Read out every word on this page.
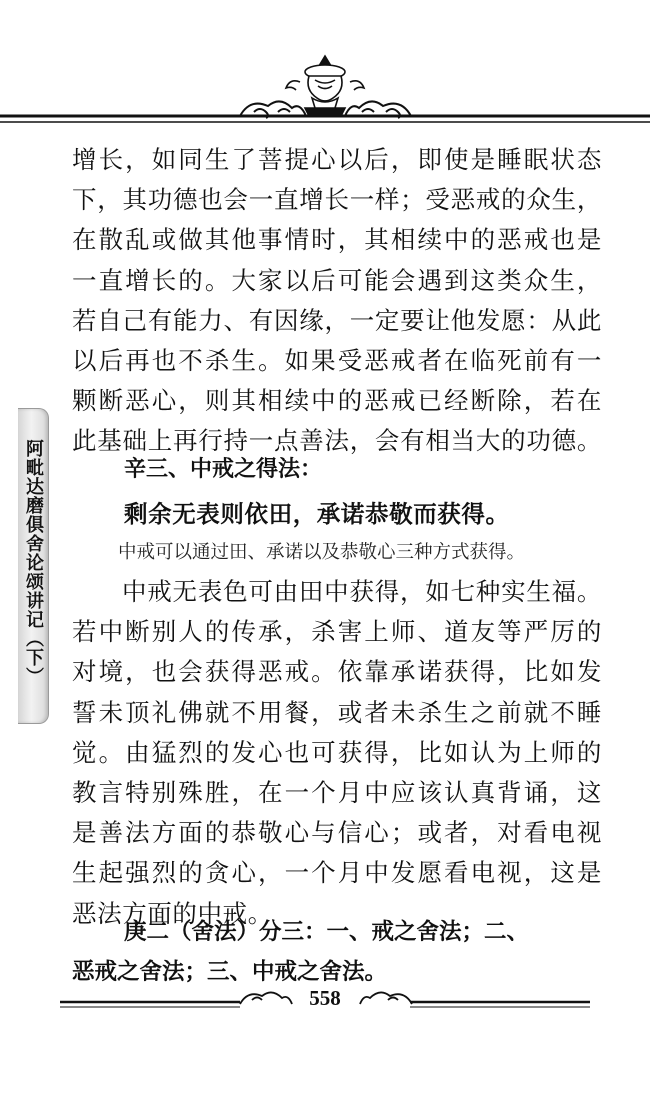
阿毗达磨俱舍论颂讲记（下）

增长，如同生了菩提心以后，即使是睡眠状态

下，其功德也会一直增长一样；受恶戒的众生，

在散乱或做其他事情时，其相续中的恶戒也是

一直增长的。大家以后可能会遇到这类众生，

若自己有能力、有因缘，一定要让他发愿：从此

以后再也不杀生。如果受恶戒者在临死前有一

颗断恶心，则其相续中的恶戒已经断除，若在

此基础上再行持一点善法，会有相当大的功德。

辛三、中戒之得法：

剩余无表则依田，承诺恭敬而获得。

中戒可以通过田、承诺以及恭敬心三种方式获得。

中戒无表色可由田中获得，如七种实生福。

若中断别人的传承，杀害上师、道友等严厉的

对境，也会获得恶戒。依靠承诺获得，比如发

誓未顶礼佛就不用餐，或者未杀生之前就不睡

觉。由猛烈的发心也可获得，比如认为上师的

教言特别殊胜，在一个月中应该认真背诵，这

是善法方面的恭敬心与信心；或者，对看电视

生起强烈的贪心，一个月中发愿看电视，这是

恶法方面的中戒。

庚二（舍法）分三：一、戒之舍法；二、

恶戒之舍法；三、中戒之舍法。

558
